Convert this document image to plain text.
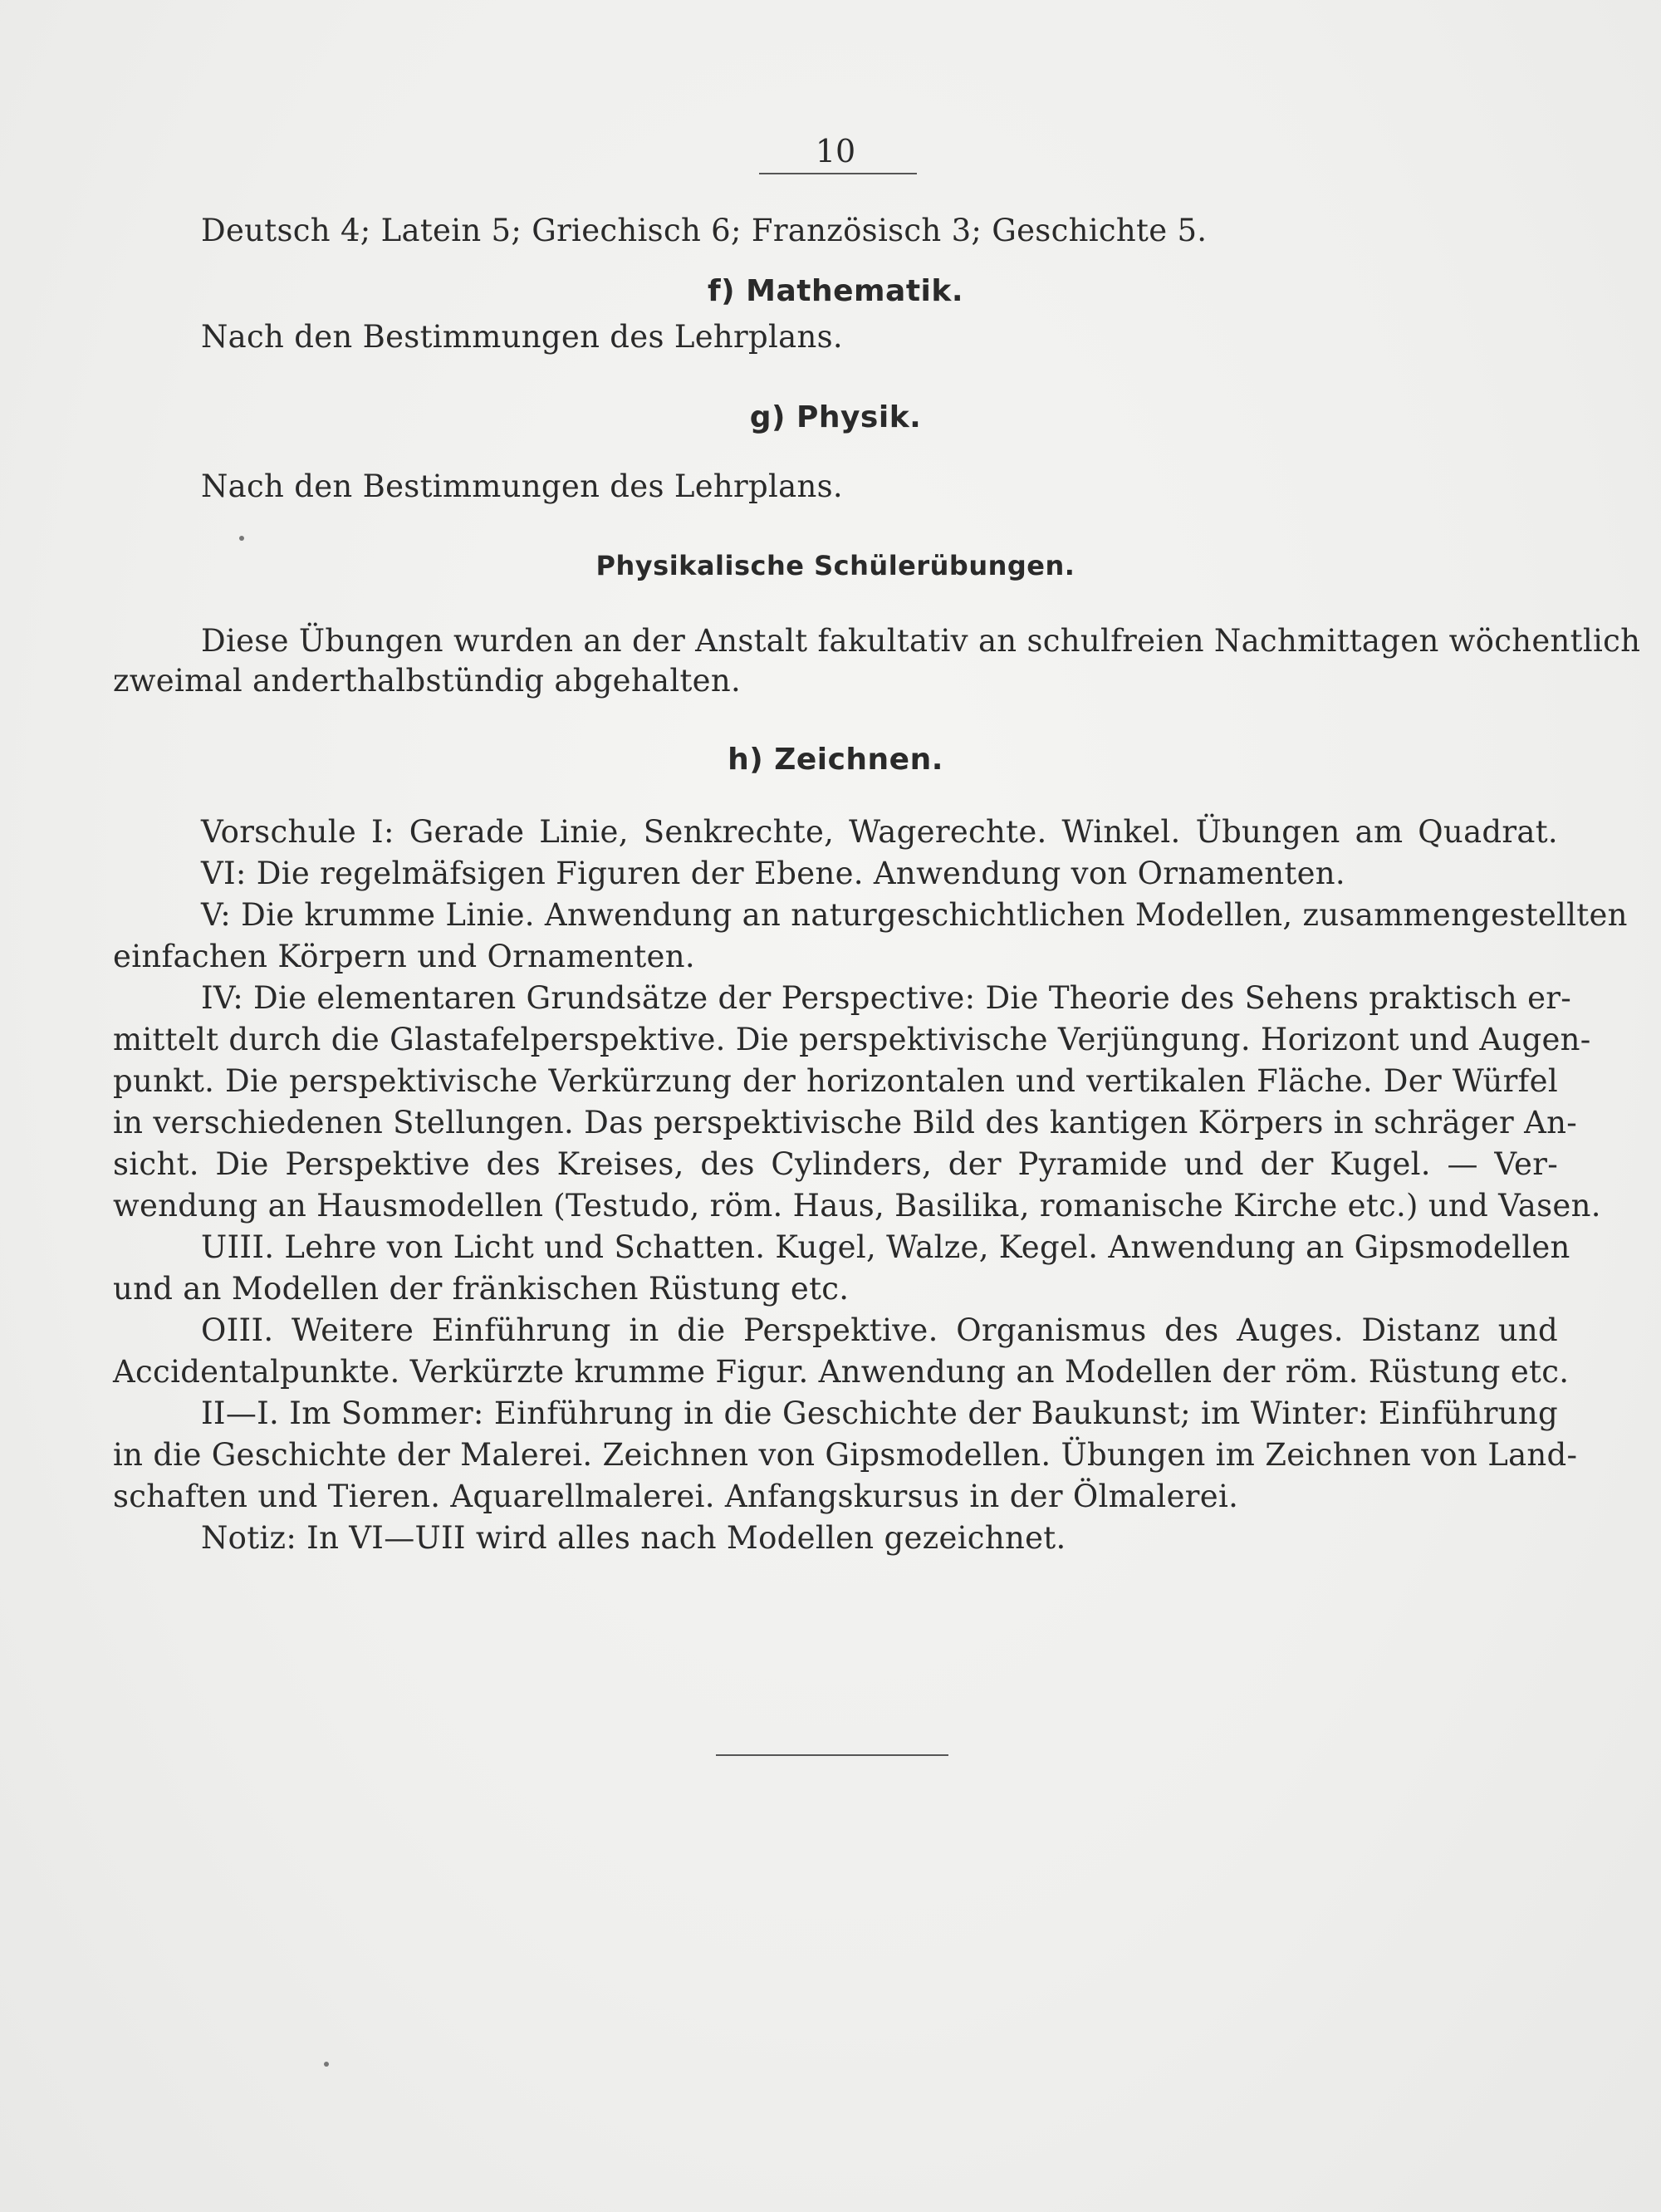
10
Deutsch 4; Latein 5; Griechisch 6; Französisch 3; Geschichte 5.
f) Mathematik.
Nach den Bestimmungen des Lehrplans.
g) Physik.
Nach den Bestimmungen des Lehrplans.
Physikalische Schülerübungen.
Diese Übungen wurden an der Anstalt fakultativ an schulfreien Nachmittagen wöchentlich
zweimal anderthalbstündig abgehalten.
h) Zeichnen.
Vorschule I: Gerade Linie, Senkrechte, Wagerechte. Winkel. Übungen am Quadrat.
VI: Die regelmäfsigen Figuren der Ebene. Anwendung von Ornamenten.
V: Die krumme Linie. Anwendung an naturgeschichtlichen Modellen, zusammengestellten
einfachen Körpern und Ornamenten.
IV: Die elementaren Grundsätze der Perspective: Die Theorie des Sehens praktisch er-
mittelt durch die Glastafelperspektive. Die perspektivische Verjüngung. Horizont und Augen-
punkt. Die perspektivische Verkürzung der horizontalen und vertikalen Fläche. Der Würfel
in verschiedenen Stellungen. Das perspektivische Bild des kantigen Körpers in schräger An-
sicht. Die Perspektive des Kreises, des Cylinders, der Pyramide und der Kugel. — Ver-
wendung an Hausmodellen (Testudo, röm. Haus, Basilika, romanische Kirche etc.) und Vasen.
UIII. Lehre von Licht und Schatten. Kugel, Walze, Kegel. Anwendung an Gipsmodellen
und an Modellen der fränkischen Rüstung etc.
OIII. Weitere Einführung in die Perspektive. Organismus des Auges. Distanz und
Accidentalpunkte. Verkürzte krumme Figur. Anwendung an Modellen der röm. Rüstung etc.
II—I. Im Sommer: Einführung in die Geschichte der Baukunst; im Winter: Einführung
in die Geschichte der Malerei. Zeichnen von Gipsmodellen. Übungen im Zeichnen von Land-
schaften und Tieren. Aquarellmalerei. Anfangskursus in der Ölmalerei.
Notiz: In VI—UII wird alles nach Modellen gezeichnet.
